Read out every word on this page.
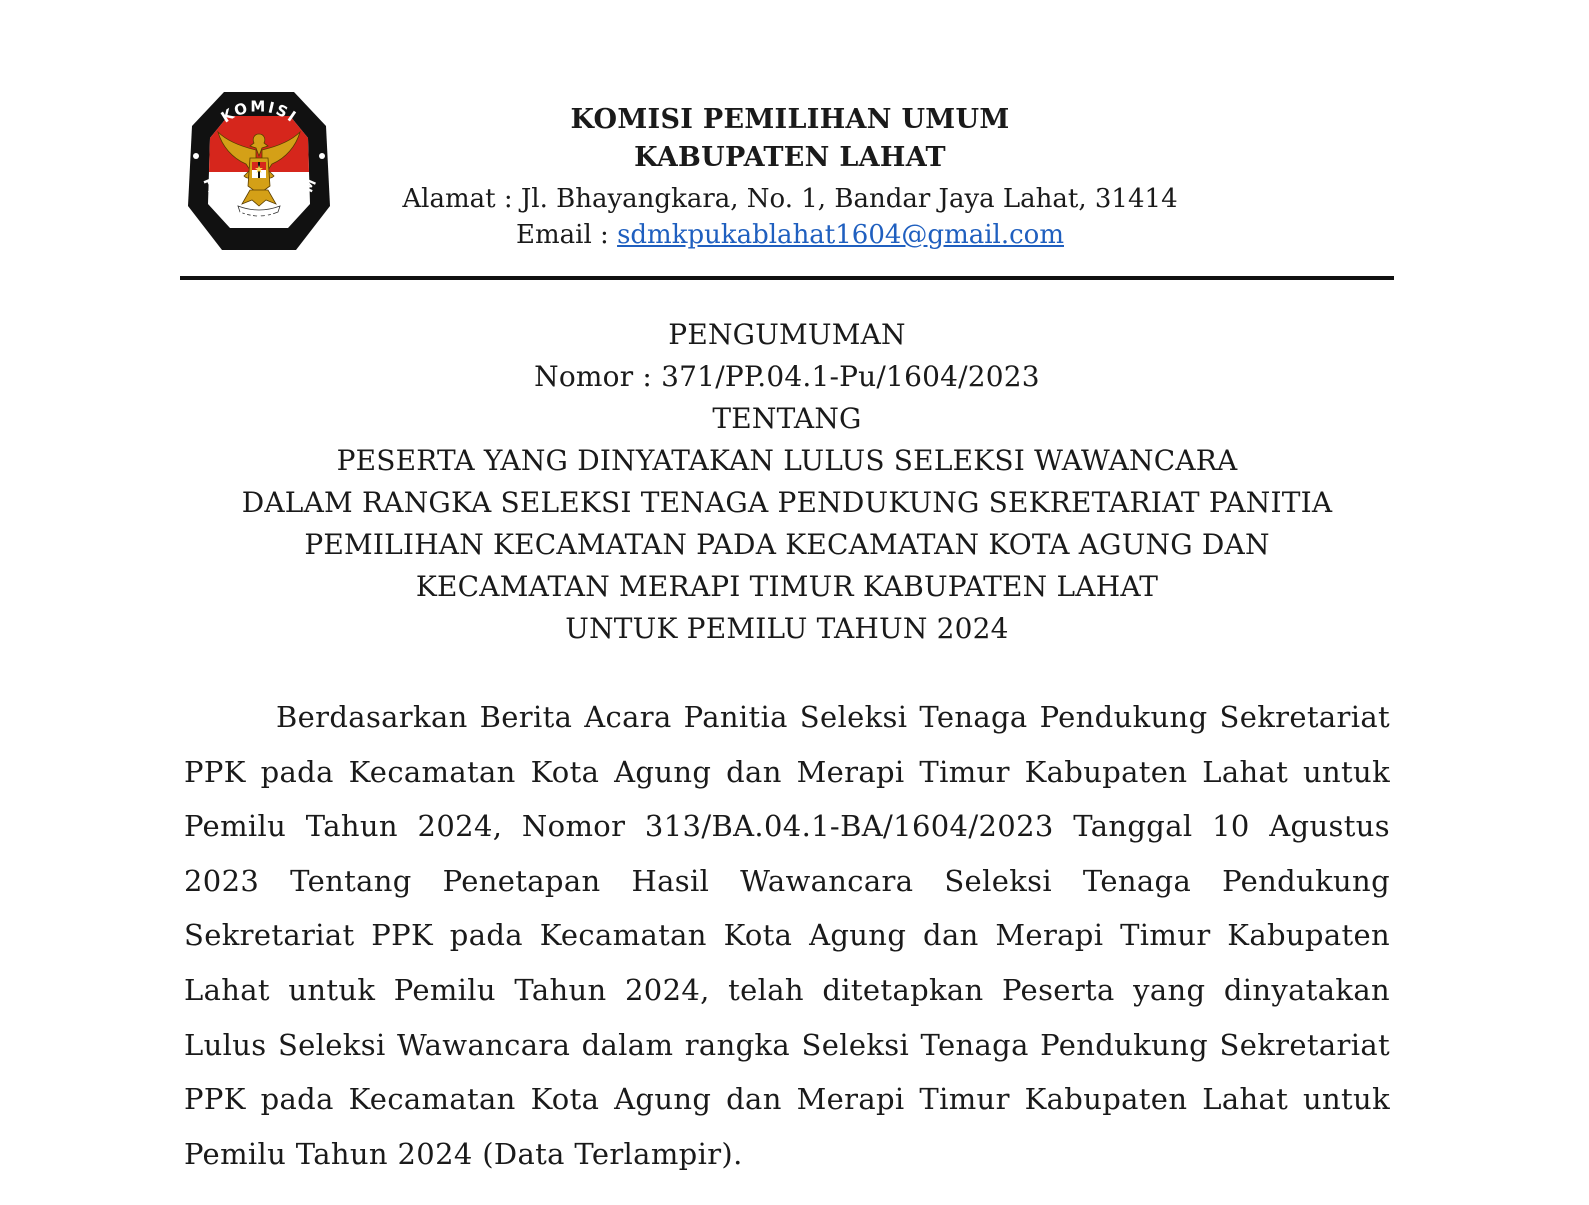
KOMISI
PEMILIHAN UMUM
KOMISI PEMILIHAN UMUM
KABUPATEN LAHAT
Alamat : Jl. Bhayangkara, No. 1, Bandar Jaya Lahat, 31414
Email : sdmkpukablahat1604@gmail.com
PENGUMUMAN
Nomor : 371/PP.04.1-Pu/1604/2023
TENTANG
PESERTA YANG DINYATAKAN LULUS SELEKSI WAWANCARA
DALAM RANGKA SELEKSI TENAGA PENDUKUNG SEKRETARIAT PANITIA
PEMILIHAN KECAMATAN PADA KECAMATAN KOTA AGUNG DAN
KECAMATAN MERAPI TIMUR KABUPATEN LAHAT
UNTUK PEMILU TAHUN 2024

Berdasarkan Berita Acara Panitia Seleksi Tenaga Pendukung Sekretariat PPK pada Kecamatan Kota Agung dan Merapi Timur Kabupaten Lahat untuk Pemilu Tahun 2024, Nomor 313/BA.04.1-BA/1604/2023 Tanggal 10 Agustus 2023 Tentang Penetapan Hasil Wawancara Seleksi Tenaga Pendukung Sekretariat PPK pada Kecamatan Kota Agung dan Merapi Timur Kabupaten Lahat untuk Pemilu Tahun 2024, telah ditetapkan Peserta yang dinyatakan Lulus Seleksi Wawancara dalam rangka Seleksi Tenaga Pendukung Sekretariat PPK pada Kecamatan Kota Agung dan Merapi Timur Kabupaten Lahat untuk Pemilu Tahun 2024 (Data Terlampir).
